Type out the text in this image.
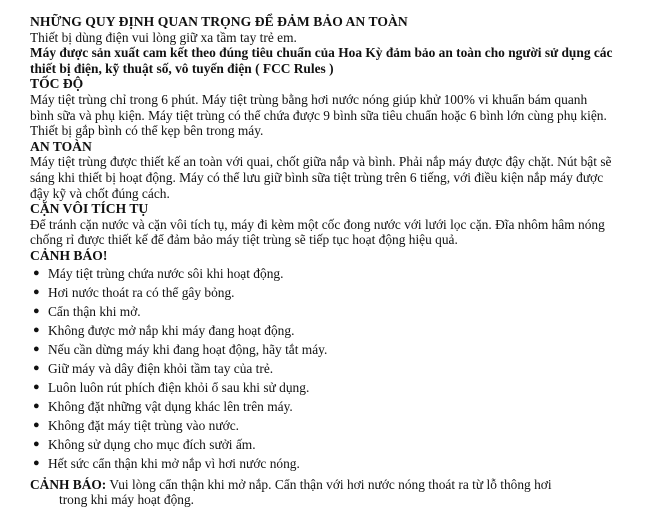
NHỮNG QUY ĐỊNH QUAN TRỌNG ĐỂ ĐẢM BẢO AN TOÀN

Thiết bị dùng điện vui lòng giữ xa tầm tay trẻ em.

Máy được sản xuất cam kết theo đúng tiêu chuẩn của Hoa Kỳ đảm bảo an toàn cho người sử dụng các

thiết bị điện, kỹ thuật số, vô tuyến điện ( FCC Rules )

TỐC ĐỘ

Máy tiệt trùng chỉ trong 6 phút. Máy tiệt trùng bằng hơi nước nóng giúp khử 100% vi khuẩn bám quanh

bình sữa và phụ kiện. Máy tiệt trùng có thể chứa được 9 bình sữa tiêu chuẩn hoặc 6 bình lớn cùng phụ kiện.

Thiết bị gắp bình có thể kẹp bên trong máy.

AN TOÀN

Máy tiệt trùng được thiết kế an toàn với quai, chốt giữa nắp và bình. Phải nắp máy được đậy chặt. Nút bật sẽ

sáng khi thiết bị hoạt động. Máy có thể lưu giữ bình sữa tiệt trùng trên 6 tiếng, với điều kiện nắp máy được

đậy kỹ và chốt đúng cách.

CẶN VÔI TÍCH TỤ

Để tránh cặn nước và cặn vôi tích tụ, máy đi kèm một cốc đong nước với lưới lọc cặn. Đĩa nhôm hâm nóng

chống rỉ được thiết kế để đảm bảo máy tiệt trùng sẽ tiếp tục hoạt động hiệu quả.

CẢNH BÁO!

● Máy tiệt trùng chứa nước sôi khi hoạt động.
● Hơi nước thoát ra có thể gây bỏng.
● Cẩn thận khi mở.
● Không được mở nắp khi máy đang hoạt động.
● Nếu cần dừng máy khi đang hoạt động, hãy tắt máy.
● Giữ máy và dây điện khỏi tầm tay của trẻ.
● Luôn luôn rút phích điện khỏi ổ sau khi sử dụng.
● Không đặt những vật dụng khác lên trên máy.
● Không đặt máy tiệt trùng vào nước.
● Không sử dụng cho mục đích sưởi ấm.
● Hết sức cẩn thận khi mở nắp vì hơi nước nóng.

CẢNH BÁO: Vui lòng cẩn thận khi mở nắp. Cẩn thận với hơi nước nóng thoát ra từ lỗ thông hơi

trong khi máy hoạt động.
